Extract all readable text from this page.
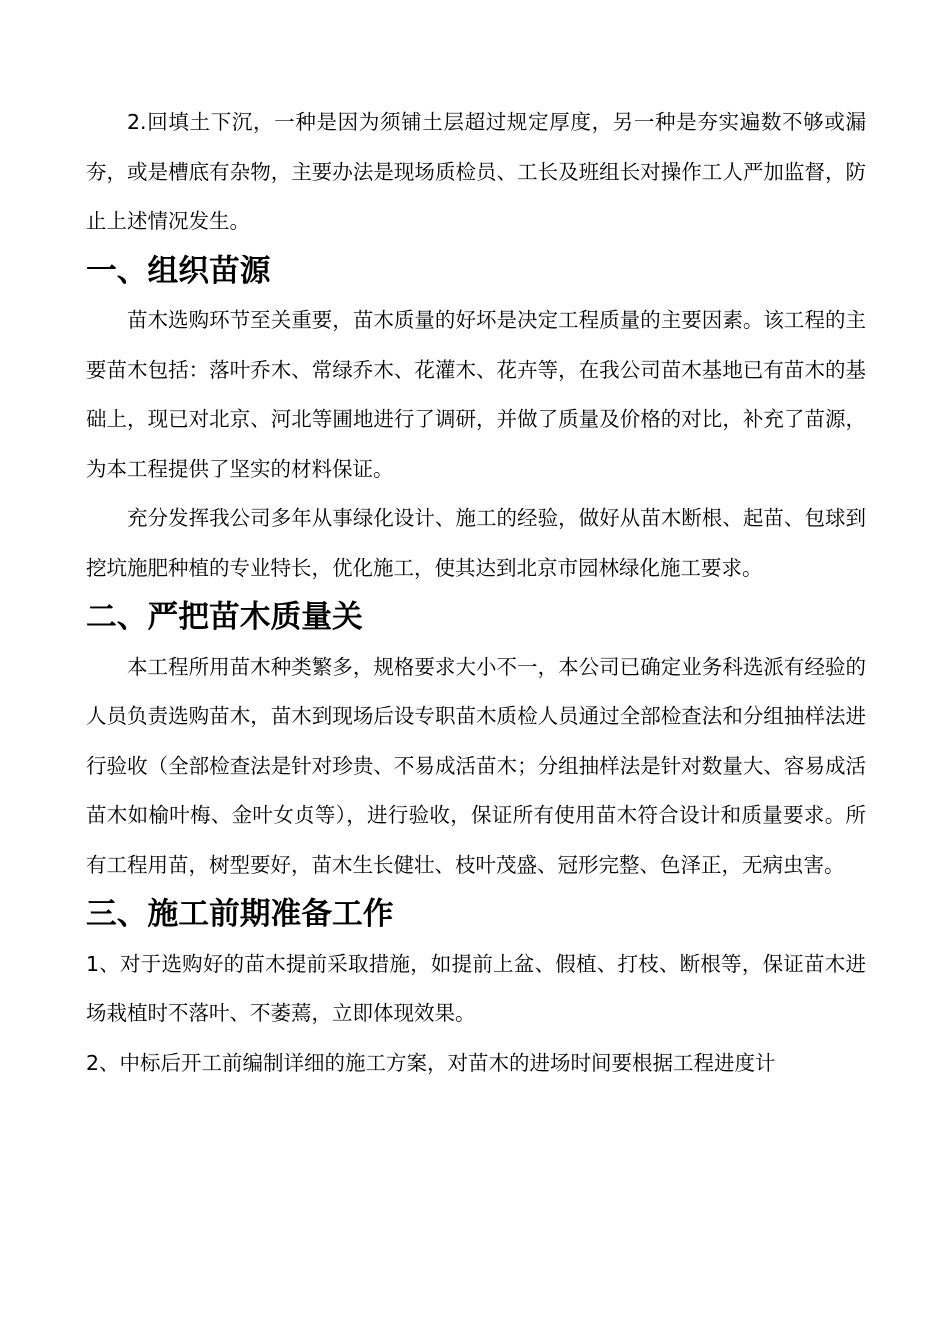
2.回填土下沉，一种是因为须铺土层超过规定厚度，另一种是夯实遍数不够或漏夯，或是槽底有杂物，主要办法是现场质检员、工长及班组长对操作工人严加监督，防止上述情况发生。

一、组织苗源

苗木选购环节至关重要，苗木质量的好坏是决定工程质量的主要因素。该工程的主要苗木包括：落叶乔木、常绿乔木、花灌木、花卉等，在我公司苗木基地已有苗木的基础上，现已对北京、河北等圃地进行了调研，并做了质量及价格的对比，补充了苗源，为本工程提供了坚实的材料保证。

充分发挥我公司多年从事绿化设计、施工的经验，做好从苗木断根、起苗、包球到挖坑施肥种植的专业特长，优化施工，使其达到北京市园林绿化施工要求。

二、严把苗木质量关

本工程所用苗木种类繁多，规格要求大小不一，本公司已确定业务科选派有经验的人员负责选购苗木，苗木到现场后设专职苗木质检人员通过全部检查法和分组抽样法进行验收（全部检查法是针对珍贵、不易成活苗木；分组抽样法是针对数量大、容易成活苗木如榆叶梅、金叶女贞等），进行验收，保证所有使用苗木符合设计和质量要求。所有工程用苗，树型要好，苗木生长健壮、枝叶茂盛、冠形完整、色泽正，无病虫害。

三、施工前期准备工作

1、对于选购好的苗木提前采取措施，如提前上盆、假植、打枝、断根等，保证苗木进场栽植时不落叶、不萎蔫，立即体现效果。

2、中标后开工前编制详细的施工方案，对苗木的进场时间要根据工程进度计
